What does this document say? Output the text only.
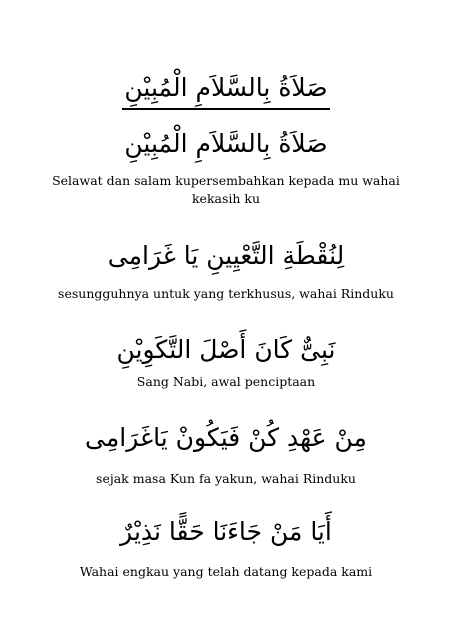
صَلاَةُ بِالسَّلاَمِ الْمُبِيْنِ
صَلاَةُ بِالسَّلاَمِ الْمُبِيْنِ
Selawat dan salam kupersembahkan kepada mu wahai
kekasih ku
لِنُقْطَةِ التَّعْيِينِ يَا غَرَامِى
sesungguhnya untuk yang terkhusus, wahai Rinduku
نَبِىٌّ كَانَ أَصْلَ التَّكَوِيْنِ
Sang Nabi, awal penciptaan
مِنْ عَهْدِ كُنْ فَيَكُونْ يَاغَرَامِى
sejak masa Kun fa yakun, wahai Rinduku
أَيَا مَنْ جَاءَنَا حَقًّا نَذِيْرٌ
Wahai engkau yang telah datang kepada kami
